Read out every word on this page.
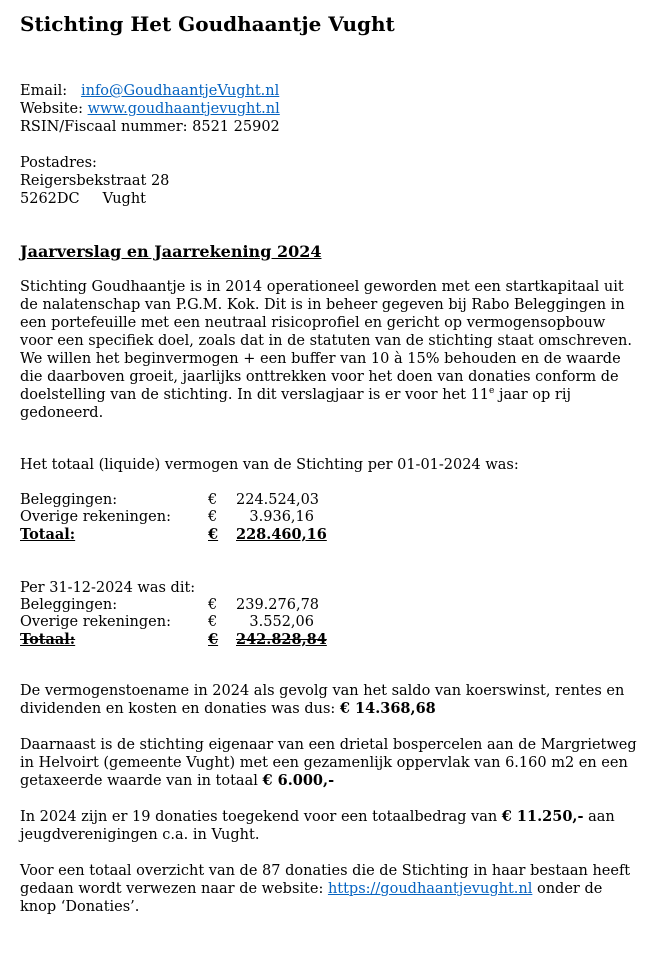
Stichting Het Goudhaantje Vught

Email: info@GoudhaantjeVught.nl

Website: www.goudhaantjevught.nl

RSIN/Fiscaal nummer: 8521 25902

Postadres:

Reigersbekstraat 28

5262DC Vught

Jaarverslag en Jaarrekening 2024

Stichting Goudhaantje is in 2014 operationeel geworden met een startkapitaal uit de nalatenschap van P.G.M. Kok. Dit is in beheer gegeven bij Rabo Beleggingen in een portefeuille met een neutraal risicoprofiel en gericht op vermogensopbouw voor een specifiek doel, zoals dat in de statuten van de stichting staat omschreven.

We willen het beginvermogen + een buffer van 10 à 15% behouden en de waarde die daarboven groeit, jaarlijks onttrekken voor het doen van donaties conform de doelstelling van de stichting. In dit verslagjaar is er voor het 11e jaar op rij gedoneerd.

Het totaal (liquide) vermogen van de Stichting per 01-01-2024 was:

Beleggingen:	€	224.524,03
Overige rekeningen:	€	3.936,16
Totaal:	€	228.460,16

Per 31-12-2024 was dit:

Beleggingen:	€	239.276,78
Overige rekeningen:	€	3.552,06
Totaal:	€	242.828,84

De vermogenstoename in 2024 als gevolg van het saldo van koerswinst, rentes en dividenden en kosten en donaties was dus: € 14.368,68

Daarnaast is de stichting eigenaar van een drietal bospercelen aan de Margrietweg in Helvoirt (gemeente Vught) met een gezamenlijk oppervlak van 6.160 m2 en een getaxeerde waarde van in totaal € 6.000,-

In 2024 zijn er 19 donaties toegekend voor een totaalbedrag van € 11.250,- aan jeugdverenigingen c.a. in Vught.

Voor een totaal overzicht van de 87 donaties die de Stichting in haar bestaan heeft gedaan wordt verwezen naar de website: https://goudhaantjevught.nl onder de knop ‘Donaties’.
